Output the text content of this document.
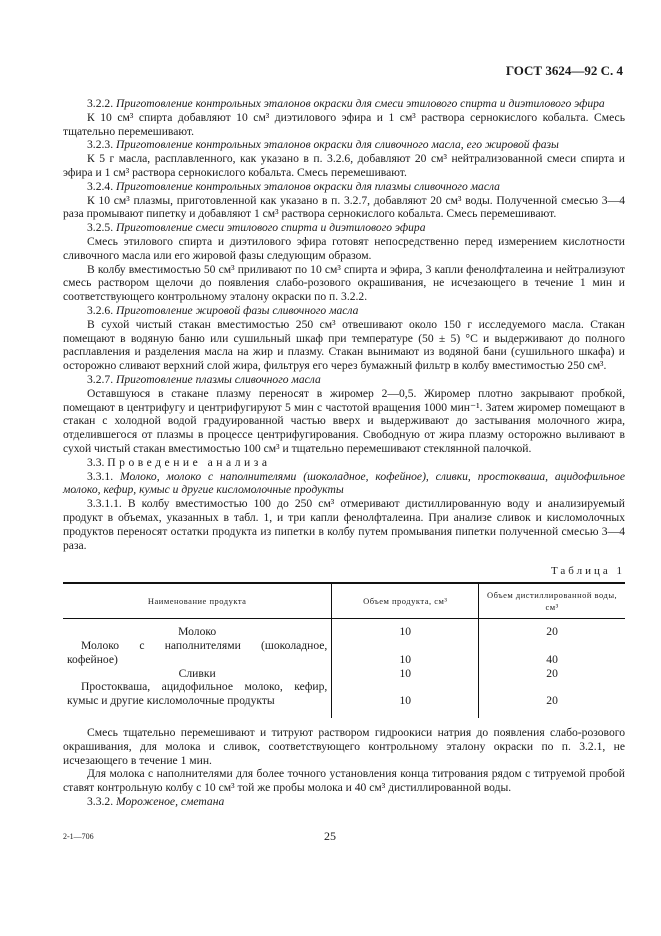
ГОСТ 3624—92 С. 4

3.2.2. Приготовление контрольных эталонов окраски для смеси этилового спирта и диэтилового эфира

К 10 см³ спирта добавляют 10 см³ диэтилового эфира и 1 см³ раствора сернокислого кобальта. Смесь тщательно перемешивают.

3.2.3. Приготовление контрольных эталонов окраски для сливочного масла, его жировой фазы

К 5 г масла, расплавленного, как указано в п. 3.2.6, добавляют 20 см³ нейтрализованной смеси спирта и эфира и 1 см³ раствора сернокислого кобальта. Смесь перемешивают.

3.2.4. Приготовление контрольных эталонов окраски для плазмы сливочного масла

К 10 см³ плазмы, приготовленной как указано в п. 3.2.7, добавляют 20 см³ воды. Полученной смесью 3—4 раза промывают пипетку и добавляют 1 см³ раствора сернокислого кобальта. Смесь перемешивают.

3.2.5. Приготовление смеси этилового спирта и диэтилового эфира

Смесь этилового спирта и диэтилового эфира готовят непосредственно перед измерением кислотности сливочного масла или его жировой фазы следующим образом.

В колбу вместимостью 50 см³ приливают по 10 см³ спирта и эфира, 3 капли фенолфталеина и нейтрализуют смесь раствором щелочи до появления слабо-розового окрашивания, не исчезающего в течение 1 мин и соответствующего контрольному эталону окраски по п. 3.2.2.

3.2.6. Приготовление жировой фазы сливочного масла

В сухой чистый стакан вместимостью 250 см³ отвешивают около 150 г исследуемого масла. Стакан помещают в водяную баню или сушильный шкаф при температуре (50 ± 5) °С и выдерживают до полного расплавления и разделения масла на жир и плазму. Стакан вынимают из водяной бани (сушильного шкафа) и осторожно сливают верхний слой жира, фильтруя его через бумажный фильтр в колбу вместимостью 250 см³.

3.2.7. Приготовление плазмы сливочного масла

Оставшуюся в стакане плазму переносят в жиромер 2—0,5. Жиромер плотно закрывают пробкой, помещают в центрифугу и центрифугируют 5 мин с частотой вращения 1000 мин⁻¹. Затем жиромер помещают в стакан с холодной водой градуированной частью вверх и выдерживают до застывания молочного жира, отделившегося от плазмы в процессе центрифугирования. Свободную от жира плазму осторожно выливают в сухой чистый стакан вместимостью 100 см³ и тщательно перемешивают стеклянной палочкой.

3.3. Проведение анализа

3.3.1. Молоко, молоко с наполнителями (шоколадное, кофейное), сливки, простокваша, ацидофильное молоко, кефир, кумыс и другие кисломолочные продукты

3.3.1.1. В колбу вместимостью 100 до 250 см³ отмеривают дистиллированную воду и анализируемый продукт в объемах, указанных в табл. 1, и три капли фенолфталеина. При анализе сливок и кисломолочных продуктов переносят остатки продукта из пипетки в колбу путем промывания пипетки полученной смесью 3—4 раза.

Таблица 1
Наименование продукта	Объем продукта, см³	Объем дистиллированной воды, см³
Молоко	10	20
Молоко с наполнителями (шоколадное, кофейное)	10	40
Сливки	10	20
Простокваша, ацидофильное молоко, кефир, кумыс и другие кисломолочные продукты	10	20

Смесь тщательно перемешивают и титруют раствором гидроокиси натрия до появления слабо-розового окрашивания, для молока и сливок, соответствующего контрольному эталону окраски по п. 3.2.1, не исчезающего в течение 1 мин.

Для молока с наполнителями для более точного установления конца титрования рядом с титруемой пробой ставят контрольную колбу с 10 см³ той же пробы молока и 40 см³ дистиллированной воды.

3.3.2. Мороженое, сметана

2-1—706	25
